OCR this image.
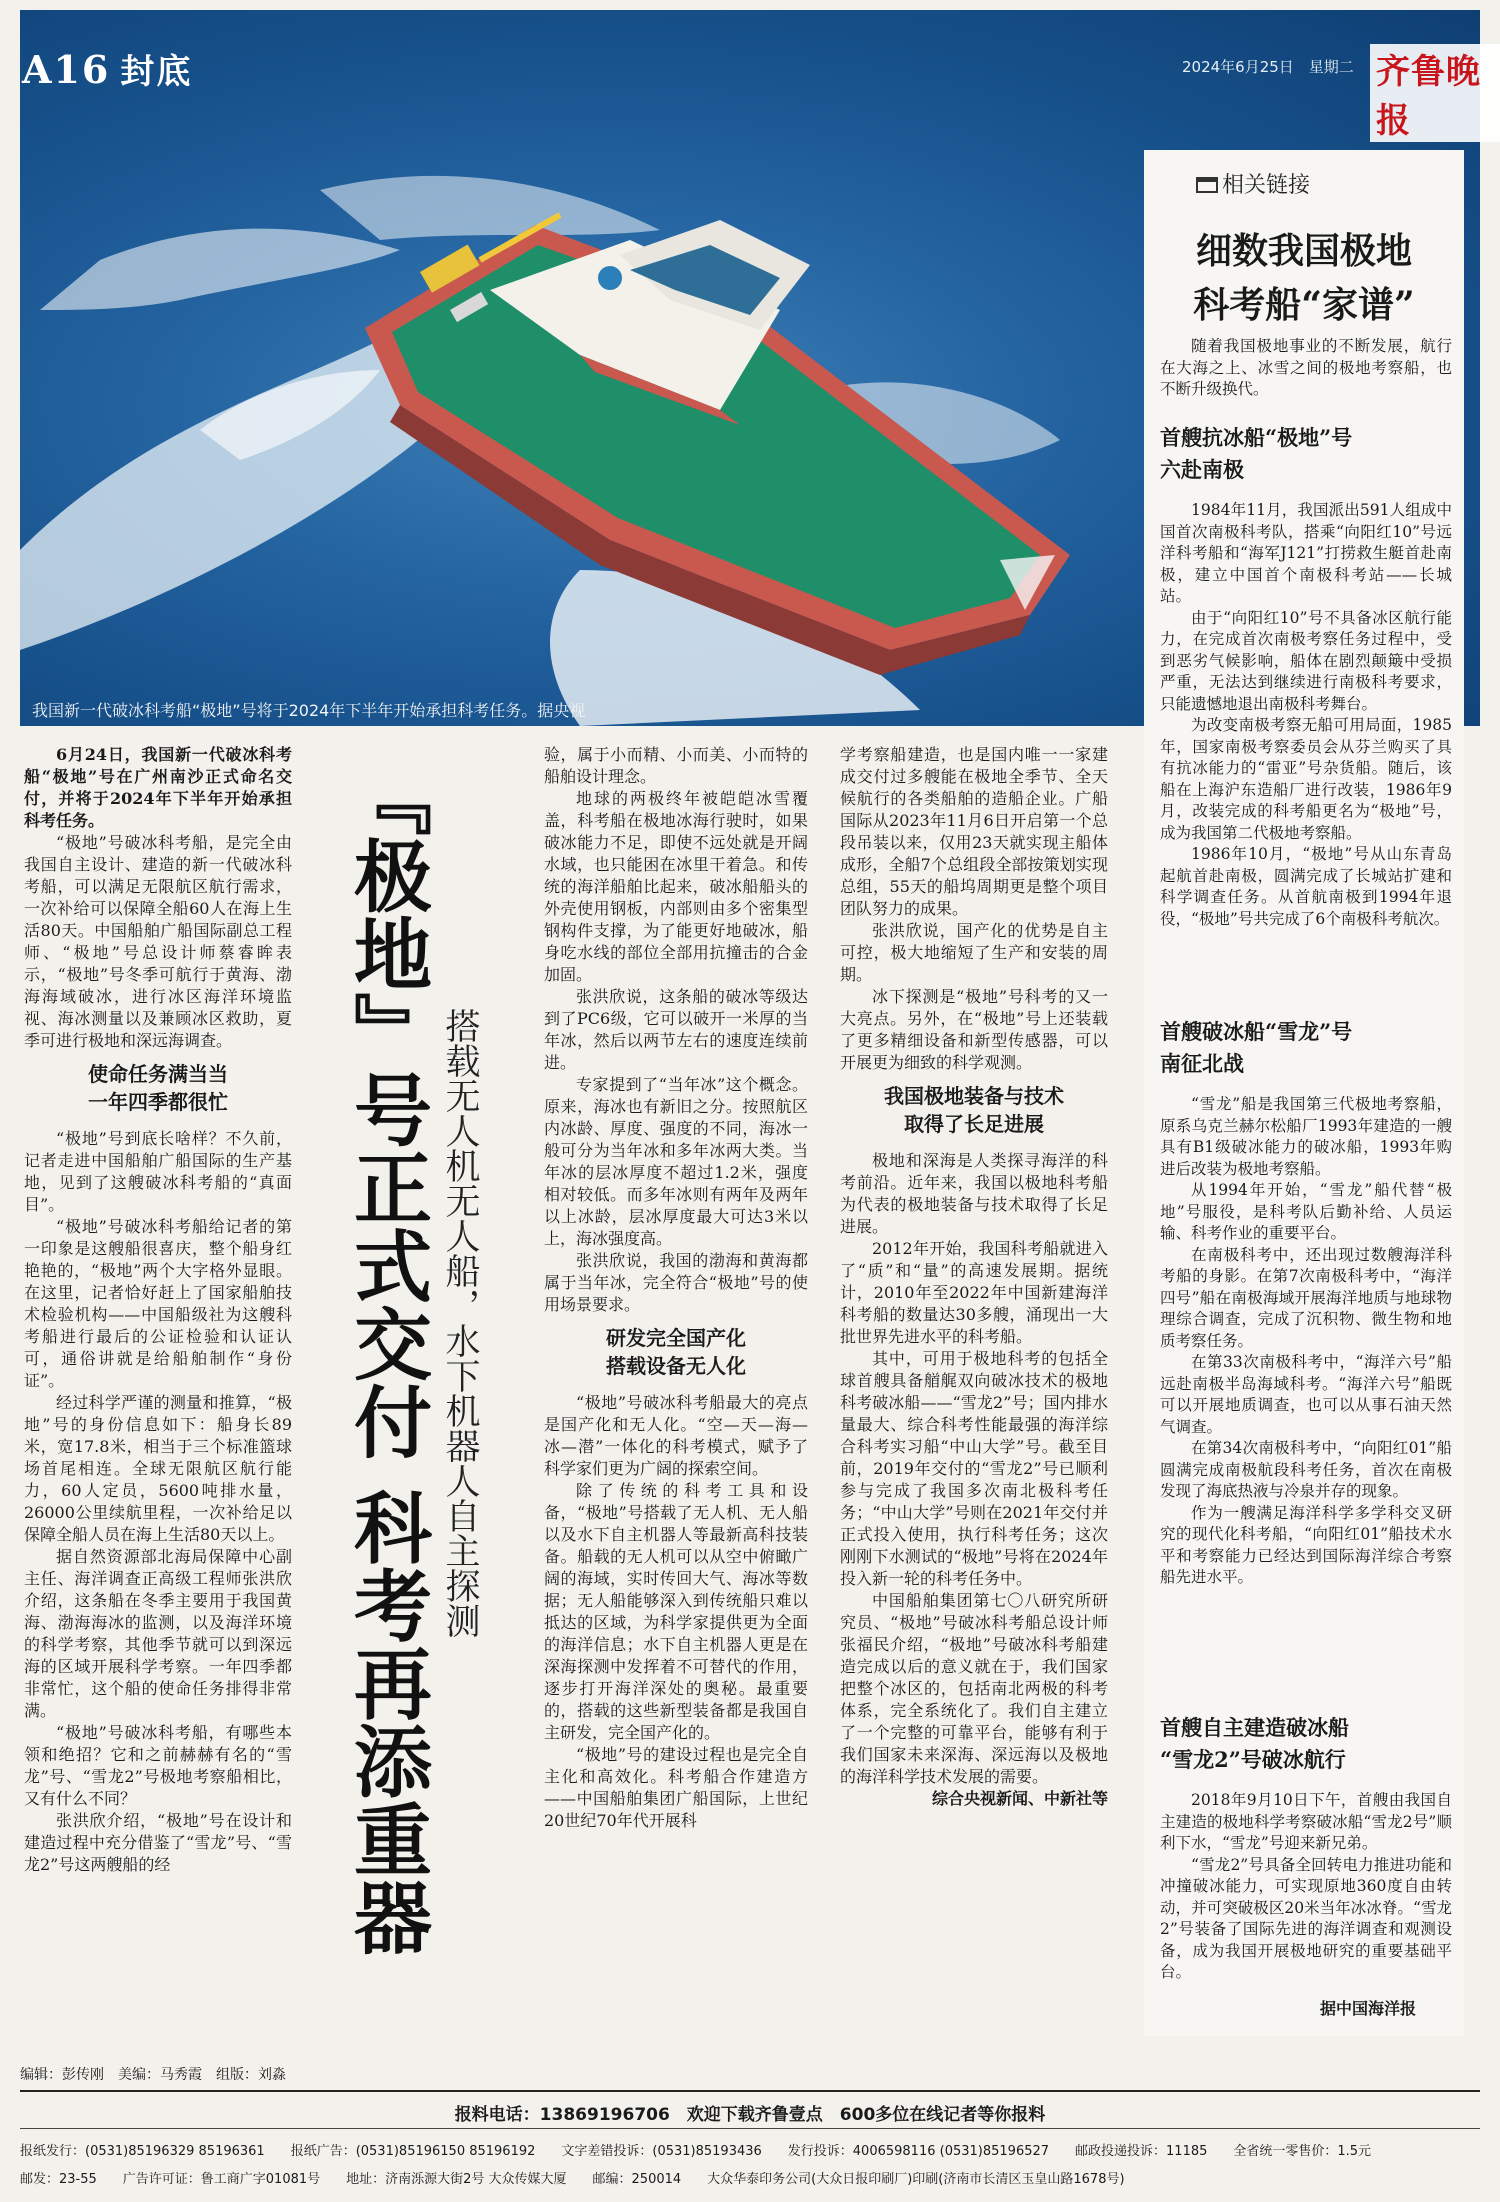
A16 封底	2024年6月25日　星期二 齐鲁晚报
我国新一代破冰科考船“极地”号将于2024年下半年开始承担科考任务。据央视
相关链接
细数我国极地
科考船“家谱”

随着我国极地事业的不断发展，航行在大海之上、冰雪之间的极地考察船，也不断升级换代。

首艘抗冰船“极地”号
六赴南极

1984年11月，我国派出591人组成中国首次南极科考队，搭乘“向阳红10”号远洋科考船和“海军J121”打捞救生艇首赴南极，建立中国首个南极科考站——长城站。

由于“向阳红10”号不具备冰区航行能力，在完成首次南极考察任务过程中，受到恶劣气候影响，船体在剧烈颠簸中受损严重，无法达到继续进行南极科考要求，只能遗憾地退出南极科考舞台。

为改变南极考察无船可用局面，1985年，国家南极考察委员会从芬兰购买了具有抗冰能力的“雷亚”号杂货船。随后，该船在上海沪东造船厂进行改装，1986年9月，改装完成的科考船更名为“极地”号，成为我国第二代极地考察船。

1986年10月，“极地”号从山东青岛起航首赴南极，圆满完成了长城站扩建和科学调查任务。从首航南极到1994年退役，“极地”号共完成了6个南极科考航次。

首艘破冰船“雪龙”号
南征北战

“雪龙”船是我国第三代极地考察船，原系乌克兰赫尔松船厂1993年建造的一艘具有B1级破冰能力的破冰船，1993年购进后改装为极地考察船。

从1994年开始，“雪龙”船代替“极地”号服役，是科考队后勤补给、人员运输、科考作业的重要平台。

在南极科考中，还出现过数艘海洋科考船的身影。在第7次南极科考中，“海洋四号”船在南极海域开展海洋地质与地球物理综合调查，完成了沉积物、微生物和地质考察任务。

在第33次南极科考中，“海洋六号”船远赴南极半岛海域科考。“海洋六号”船既可以开展地质调查，也可以从事石油天然气调查。

在第34次南极科考中，“向阳红01”船圆满完成南极航段科考任务，首次在南极发现了海底热液与冷泉并存的现象。

作为一艘满足海洋科学多学科交叉研究的现代化科考船，“向阳红01”船技术水平和考察能力已经达到国际海洋综合考察船先进水平。

首艘自主建造破冰船
“雪龙2”号破冰航行

2018年9月10日下午，首艘由我国自主建造的极地科学考察破冰船“雪龙2号”顺利下水，“雪龙”号迎来新兄弟。

“雪龙2”号具备全回转电力推进功能和冲撞破冰能力，可实现原地360度自由转动，并可突破极区20米当年冰冰脊。“雪龙2”号装备了国际先进的海洋调查和观测设备，成为我国开展极地研究的重要基础平台。

据中国海洋报
『极地』号正式交付 科考再添重器 搭载无人机无人船，水下机器人自主探测

6月24日，我国新一代破冰科考船“极地”号在广州南沙正式命名交付，并将于2024年下半年开始承担科考任务。

“极地”号破冰科考船，是完全由我国自主设计、建造的新一代破冰科考船，可以满足无限航区航行需求，一次补给可以保障全船60人在海上生活80天。中国船舶广船国际副总工程师、“极地”号总设计师蔡睿眸表示，“极地”号冬季可航行于黄海、渤海海域破冰，进行冰区海洋环境监视、海冰测量以及兼顾冰区救助，夏季可进行极地和深远海调查。

使命任务满当当
一年四季都很忙

“极地”号到底长啥样？不久前，记者走进中国船舶广船国际的生产基地，见到了这艘破冰科考船的“真面目”。

“极地”号破冰科考船给记者的第一印象是这艘船很喜庆，整个船身红艳艳的，“极地”两个大字格外显眼。在这里，记者恰好赶上了国家船舶技术检验机构——中国船级社为这艘科考船进行最后的公证检验和认证认可，通俗讲就是给船舶制作“身份证”。

经过科学严谨的测量和推算，“极地”号的身份信息如下：船身长89米，宽17.8米，相当于三个标准篮球场首尾相连。全球无限航区航行能力，60人定员，5600吨排水量，26000公里续航里程，一次补给足以保障全船人员在海上生活80天以上。

据自然资源部北海局保障中心副主任、海洋调查正高级工程师张洪欣介绍，这条船在冬季主要用于我国黄海、渤海海冰的监测，以及海洋环境的科学考察，其他季节就可以到深远海的区域开展科学考察。一年四季都非常忙，这个船的使命任务排得非常满。

“极地”号破冰科考船，有哪些本领和绝招？它和之前赫赫有名的“雪龙”号、“雪龙2”号极地考察船相比，又有什么不同？

张洪欣介绍，“极地”号在设计和建造过程中充分借鉴了“雪龙”号、“雪龙2”号这两艘船的经

验，属于小而精、小而美、小而特的船舶设计理念。

地球的两极终年被皑皑冰雪覆盖，科考船在极地冰海行驶时，如果破冰能力不足，即使不远处就是开阔水域，也只能困在冰里干着急。和传统的海洋船舶比起来，破冰船船头的外壳使用钢板，内部则由多个密集型钢构件支撑，为了能更好地破冰，船身吃水线的部位全部用抗撞击的合金加固。

张洪欣说，这条船的破冰等级达到了PC6级，它可以破开一米厚的当年冰，然后以两节左右的速度连续前进。

专家提到了“当年冰”这个概念。原来，海冰也有新旧之分。按照航区内冰龄、厚度、强度的不同，海冰一般可分为当年冰和多年冰两大类。当年冰的层冰厚度不超过1.2米，强度相对较低。而多年冰则有两年及两年以上冰龄，层冰厚度最大可达3米以上，海冰强度高。

张洪欣说，我国的渤海和黄海都属于当年冰，完全符合“极地”号的使用场景要求。

研发完全国产化
搭载设备无人化

“极地”号破冰科考船最大的亮点是国产化和无人化。“空—天—海—冰—潜”一体化的科考模式，赋予了科学家们更为广阔的探索空间。

除了传统的科考工具和设备，“极地”号搭载了无人机、无人船以及水下自主机器人等最新高科技装备。船载的无人机可以从空中俯瞰广阔的海域，实时传回大气、海冰等数据；无人船能够深入到传统船只难以抵达的区域，为科学家提供更为全面的海洋信息；水下自主机器人更是在深海探测中发挥着不可替代的作用，逐步打开海洋深处的奥秘。最重要的，搭载的这些新型装备都是我国自主研发，完全国产化的。

“极地”号的建设过程也是完全自主化和高效化。科考船合作建造方——中国船舶集团广船国际，上世纪20世纪70年代开展科

学考察船建造，也是国内唯一一家建成交付过多艘能在极地全季节、全天候航行的各类船舶的造船企业。广船国际从2023年11月6日开启第一个总段吊装以来，仅用23天就实现主船体成形，全船7个总组段全部按策划实现总组，55天的船坞周期更是整个项目团队努力的成果。

张洪欣说，国产化的优势是自主可控，极大地缩短了生产和安装的周期。

冰下探测是“极地”号科考的又一大亮点。另外，在“极地”号上还装载了更多精细设备和新型传感器，可以开展更为细致的科学观测。

我国极地装备与技术
取得了长足进展

极地和深海是人类探寻海洋的科考前沿。近年来，我国以极地科考船为代表的极地装备与技术取得了长足进展。

2012年开始，我国科考船就进入了“质”和“量”的高速发展期。据统计，2010年至2022年中国新建海洋科考船的数量达30多艘，涌现出一大批世界先进水平的科考船。

其中，可用于极地科考的包括全球首艘具备艏艉双向破冰技术的极地科考破冰船——“雪龙2”号；国内排水量最大、综合科考性能最强的海洋综合科考实习船“中山大学”号。截至目前，2019年交付的“雪龙2”号已顺利参与完成了我国多次南北极科考任务；“中山大学”号则在2021年交付并正式投入使用，执行科考任务；这次刚刚下水测试的“极地”号将在2024年投入新一轮的科考任务中。

中国船舶集团第七〇八研究所研究员、“极地”号破冰科考船总设计师张福民介绍，“极地”号破冰科考船建造完成以后的意义就在于，我们国家把整个冰区的，包括南北两极的科考体系，完全系统化了。我们自主建立了一个完整的可靠平台，能够有利于我们国家未来深海、深远海以及极地的海洋科学技术发展的需要。

综合央视新闻、中新社等

编辑：彭传刚　美编：马秀霞　组版：刘淼
报料电话：13869196706　欢迎下载齐鲁壹点　600多位在线记者等你报料
报纸发行：(0531)85196329 85196361　　报纸广告：(0531)85196150 85196192　　文字差错投诉：(0531)85193436　　发行投诉：4006598116 (0531)85196527　　邮政投递投诉：11185　　全省统一零售价：1.5元
邮发：23-55　　广告许可证：鲁工商广字01081号　　地址：济南泺源大街2号 大众传媒大厦　　邮编：250014　　大众华泰印务公司(大众日报印刷厂)印刷(济南市长清区玉皇山路1678号)
